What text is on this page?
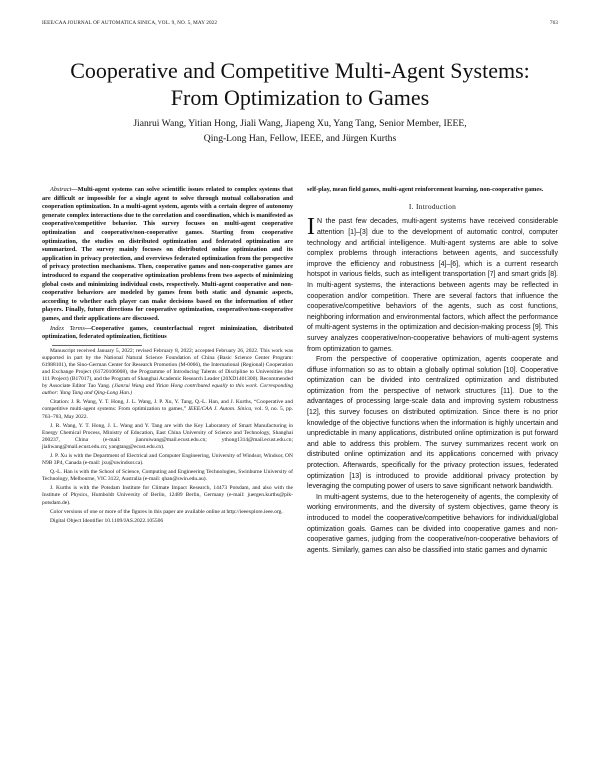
IEEE/CAA JOURNAL OF AUTOMATICA SINICA, VOL. 9, NO. 5, MAY 2022	763
Cooperative and Competitive Multi-Agent Systems:
From Optimization to Games
Jianrui Wang, Yitian Hong, Jiali Wang, Jiapeng Xu, Yang Tang, Senior Member, IEEE,
Qing-Long Han, Fellow, IEEE, and Jürgen Kurths

Abstract—Multi-agent systems can solve scientific issues related to complex systems that are difficult or impossible for a single agent to solve through mutual collaboration and cooperation optimization. In a multi-agent system, agents with a certain degree of autonomy generate complex interactions due to the correlation and coordination, which is manifested as cooperative/competitive behavior. This survey focuses on multi-agent cooperative optimization and cooperative/non-cooperative games. Starting from cooperative optimization, the studies on distributed optimization and federated optimization are summarized. The survey mainly focuses on distributed online optimization and its application in privacy protection, and overviews federated optimization from the perspective of privacy protection mechanisms. Then, cooperative games and non-cooperative games are introduced to expand the cooperative optimization problems from two aspects of minimizing global costs and minimizing individual costs, respectively. Multi-agent cooperative and non-cooperative behaviors are modeled by games from both static and dynamic aspects, according to whether each player can make decisions based on the information of other players. Finally, future directions for cooperative optimization, cooperative/non-cooperative games, and their applications are discussed.

Index Terms—Cooperative games, counterfactual regret minimization, distributed optimization, federated optimization, fictitious

Manuscript received January 5, 2022; revised February 8, 2022; accepted February 26, 2022. This work was supported in part by the National Natural Science Foundation of China (Basic Science Center Program: 61988101), the Sino-German Center for Research Promotion (M-0066), the International (Regional) Cooperation and Exchange Project (61720106008), the Programme of Introducing Talents of Discipline to Universities (the 111 Project) (B17017), and the Program of Shanghai Academic Research Leader (20XD1401300). Recommended by Associate Editor Tao Yang. (Jianrui Wang and Yitian Hong contributed equally to this work. Corresponding author: Yang Tang and Qing-Long Han.)

Citation: J. R. Wang, Y. T. Hong, J. L. Wang, J. P. Xu, Y. Tang, Q.-L. Han, and J. Kurths, “Cooperative and competitive multi-agent systems: From optimization to games,” IEEE/CAA J. Autom. Sinica, vol. 9, no. 5, pp. 763–783, May 2022.

J. R. Wang, Y. T. Hong, J. L. Wang and Y. Tang are with the Key Laboratory of Smart Manufacturing in Energy Chemical Process, Ministry of Education, East China University of Science and Technology, Shanghai 200237, China (e-mail: jianruiwang@mail.ecust.edu.cn; ythong1314@mail.ecust.edu.cn; jialiwang@mail.ecust.edu.cn; yangtang@ecust.edu.cn).

J. P. Xu is with the Department of Electrical and Computer Engineering, University of Windsor, Windsor, ON N9B 3P4, Canada (e-mail: jxu@uwindsor.ca).

Q.-L. Han is with the School of Science, Computing and Engineering Technologies, Swinburne University of Technology, Melbourne, VIC 3122, Australia (e-mail: qhan@swin.edu.au).

J. Kurths is with the Potsdam Institute for Climate Impact Research, 14473 Potsdam, and also with the Institute of Physics, Humboldt University of Berlin, 12489 Berlin, Germany (e-mail: juergen.kurths@pik-potsdam.de).

Color versions of one or more of the figures in this paper are available online at http://ieeexplore.ieee.org.

Digital Object Identifier 10.1109/JAS.2022.105506

self-play, mean field games, multi-agent reinforcement learning, non-cooperative games.

I. Introduction

I N the past few decades, multi-agent systems have received considerable attention [1]–[3] due to the development of automatic control, computer technology and artificial intelligence. Multi-agent systems are able to solve complex problems through interactions between agents, and successfully improve the efficiency and robustness [4]–[6], which is a current research hotspot in various fields, such as intelligent transportation [7] and smart grids [8]. In multi-agent systems, the interactions between agents may be reflected in cooperation and/or competition. There are several factors that influence the cooperative/competitive behaviors of the agents, such as cost functions, neighboring information and environmental factors, which affect the performance of multi-agent systems in the optimization and decision-making process [9]. This survey analyzes cooperative/non-cooperative behaviors of multi-agent systems from optimization to games.

From the perspective of cooperative optimization, agents cooperate and diffuse information so as to obtain a globally optimal solution [10]. Cooperative optimization can be divided into centralized optimization and distributed optimization from the perspective of network structures [11]. Due to the advantages of processing large-scale data and improving system robustness [12], this survey focuses on distributed optimization. Since there is no prior knowledge of the objective functions when the information is highly uncertain and unpredictable in many applications, distributed online optimization is put forward and able to address this problem. The survey summarizes recent work on distributed online optimization and its applications concerned with privacy protection. Afterwards, specifically for the privacy protection issues, federated optimization [13] is introduced to provide additional privacy protection by leveraging the computing power of users to save significant network bandwidth.

In multi-agent systems, due to the heterogeneity of agents, the complexity of working environments, and the diversity of system objectives, game theory is introduced to model the cooperative/competitive behaviors for individual/global optimization goals. Games can be divided into cooperative games and non-cooperative games, judging from the cooperative/non-cooperative behaviors of agents. Similarly, games can also be classified into static games and dynamic
